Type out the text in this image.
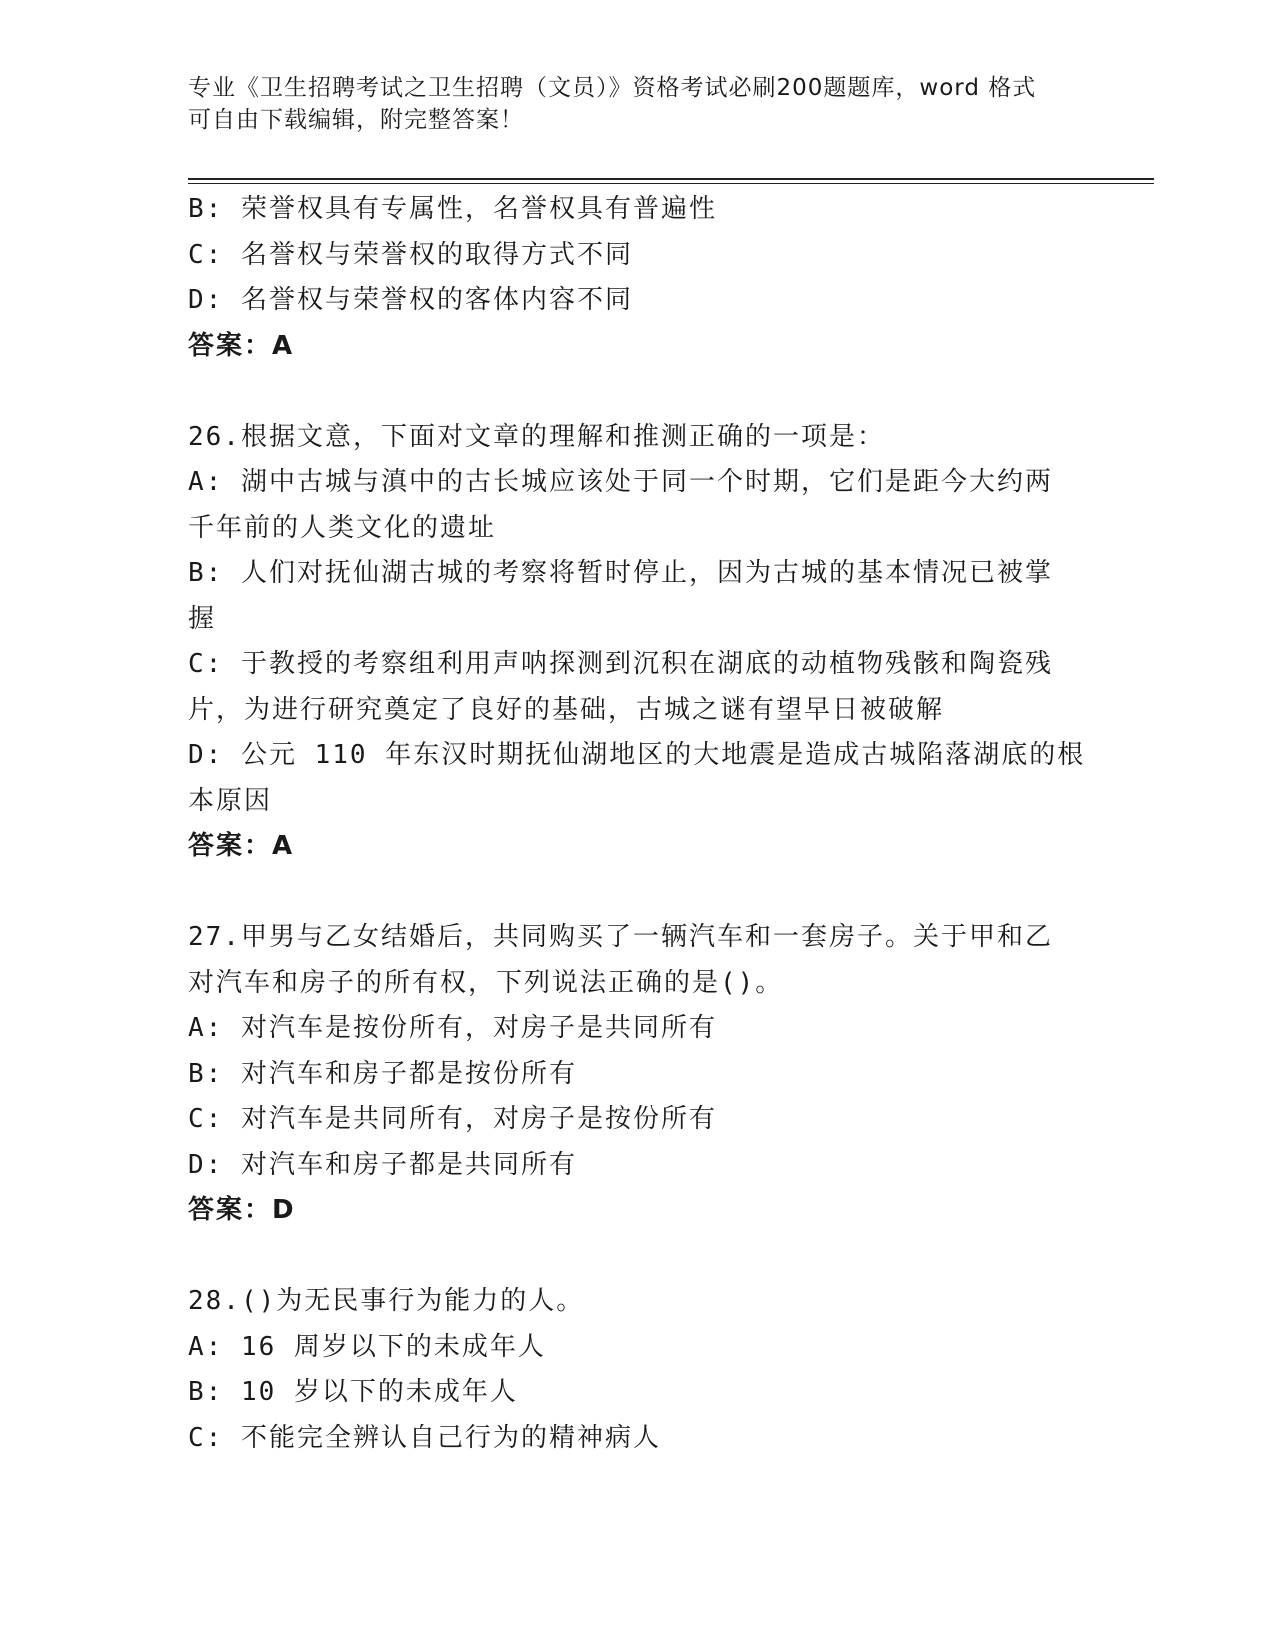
专业《卫生招聘考试之卫生招聘（文员）》资格考试必刷200题题库，word 格式
可自由下载编辑，附完整答案！
B: 荣誉权具有专属性，名誉权具有普遍性
C: 名誉权与荣誉权的取得方式不同
D: 名誉权与荣誉权的客体内容不同
答案：A
26.根据文意，下面对文章的理解和推测正确的一项是：
A: 湖中古城与滇中的古长城应该处于同一个时期，它们是距今大约两
千年前的人类文化的遗址
B: 人们对抚仙湖古城的考察将暂时停止，因为古城的基本情况已被掌
握
C: 于教授的考察组利用声呐探测到沉积在湖底的动植物残骸和陶瓷残
片，为进行研究奠定了良好的基础，古城之谜有望早日被破解
D: 公元 110 年东汉时期抚仙湖地区的大地震是造成古城陷落湖底的根
本原因
答案：A
27.甲男与乙女结婚后，共同购买了一辆汽车和一套房子。关于甲和乙
对汽车和房子的所有权，下列说法正确的是()。
A: 对汽车是按份所有，对房子是共同所有
B: 对汽车和房子都是按份所有
C: 对汽车是共同所有，对房子是按份所有
D: 对汽车和房子都是共同所有
答案：D
28.()为无民事行为能力的人。
A: 16 周岁以下的未成年人
B: 10 岁以下的未成年人
C: 不能完全辨认自己行为的精神病人
